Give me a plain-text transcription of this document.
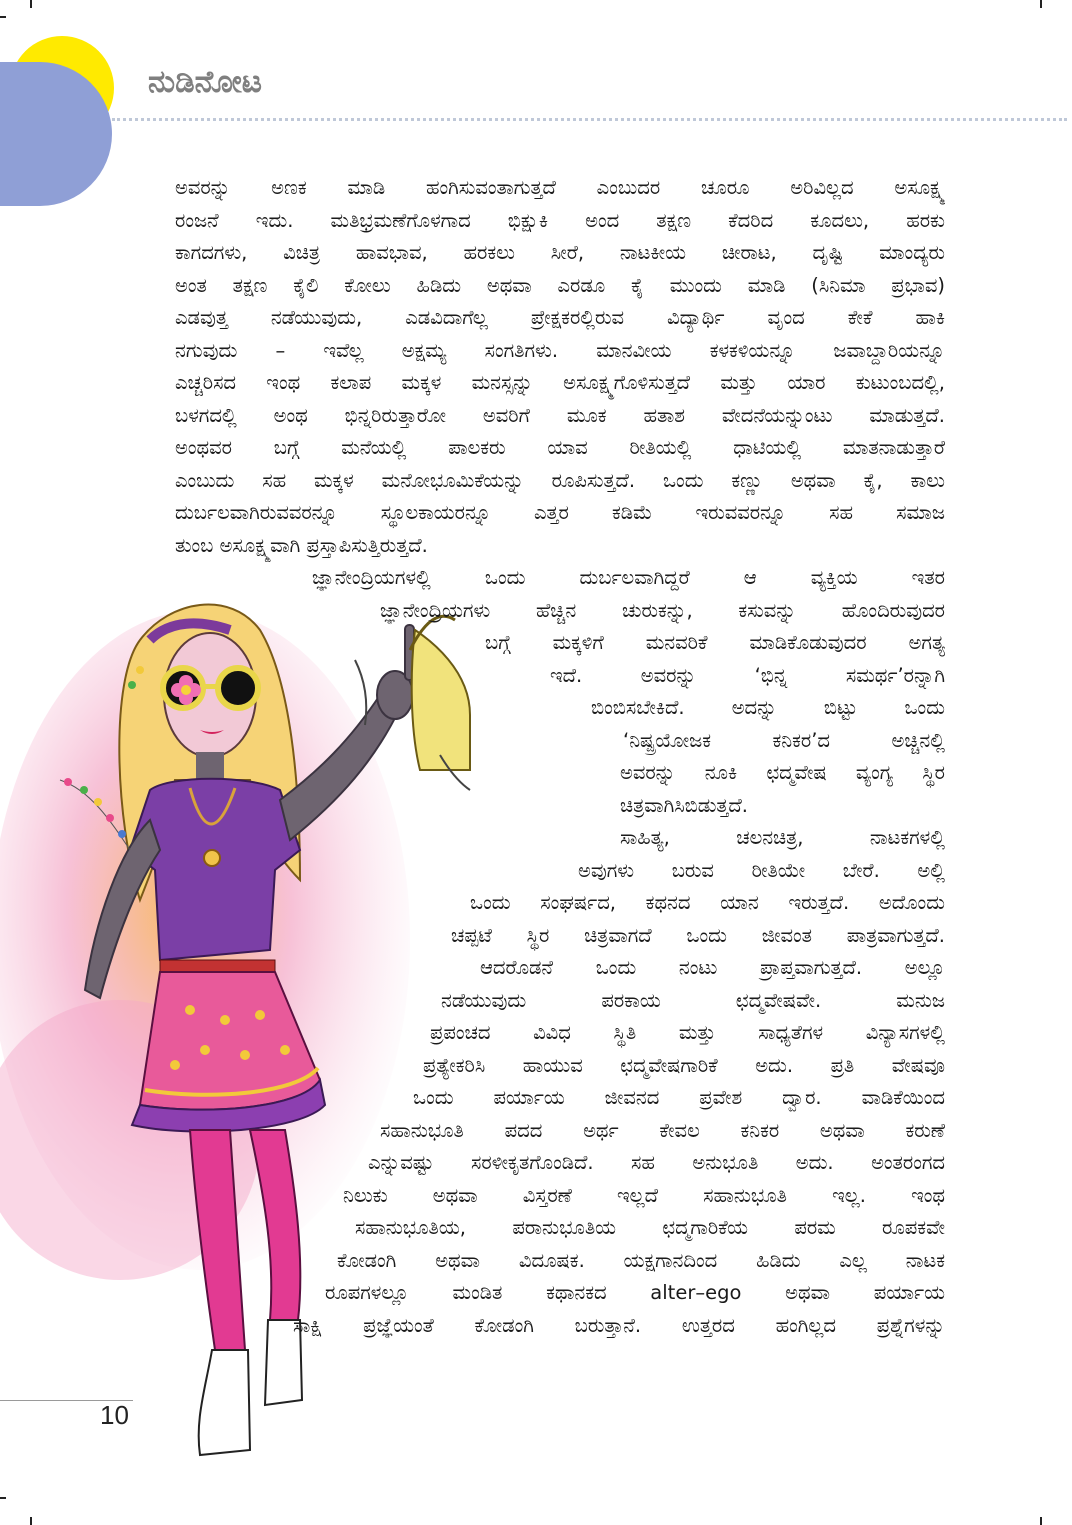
ನುಡಿನೋಟ
ಅವರನ್ನು ಅಣಕ ಮಾಡಿ ಹಂಗಿಸುವಂತಾಗುತ್ತದೆ ಎಂಬುದರ ಚೂರೂ ಅರಿವಿಲ್ಲದ ಅಸೂಕ್ಷ್ಮ
ರಂಜನೆ ಇದು. ಮತಿಭ್ರಮಣೆಗೊಳಗಾದ ಭಿಕ್ಷುಕಿ ಅಂದ ತಕ್ಷಣ ಕೆದರಿದ ಕೂದಲು, ಹರಕು
ಕಾಗದಗಳು, ವಿಚಿತ್ರ ಹಾವಭಾವ, ಹರಕಲು ಸೀರೆ, ನಾಟಕೀಯ ಚೀರಾಟ, ದೃಷ್ಟಿ ಮಾಂದ್ಯರು
ಅಂತ ತಕ್ಷಣ ಕೈಲಿ ಕೋಲು ಹಿಡಿದು ಅಥವಾ ಎರಡೂ ಕೈ ಮುಂದು ಮಾಡಿ (ಸಿನಿಮಾ ಪ್ರಭಾವ)
ಎಡವುತ್ತ ನಡೆಯುವುದು, ಎಡವಿದಾಗೆಲ್ಲ ಪ್ರೇಕ್ಷಕರಲ್ಲಿರುವ ವಿದ್ಯಾರ್ಥಿ ವೃಂದ ಕೇಕೆ ಹಾಕಿ
ನಗುವುದು – ಇವೆಲ್ಲ ಅಕ್ಷಮ್ಯ ಸಂಗತಿಗಳು. ಮಾನವೀಯ ಕಳಕಳಿಯನ್ನೂ ಜವಾಬ್ದಾರಿಯನ್ನೂ
ಎಚ್ಚರಿಸದ ಇಂಥ ಕಲಾಪ ಮಕ್ಕಳ ಮನಸ್ಸನ್ನು ಅಸೂಕ್ಷ್ಮಗೊಳಿಸುತ್ತದೆ ಮತ್ತು ಯಾರ ಕುಟುಂಬದಲ್ಲಿ,
ಬಳಗದಲ್ಲಿ ಅಂಥ ಭಿನ್ನರಿರುತ್ತಾರೋ ಅವರಿಗೆ ಮೂಕ ಹತಾಶ ವೇದನೆಯನ್ನುಂಟು ಮಾಡುತ್ತದೆ.
ಅಂಥವರ ಬಗ್ಗೆ ಮನೆಯಲ್ಲಿ ಪಾಲಕರು ಯಾವ ರೀತಿಯಲ್ಲಿ ಧಾಟಿಯಲ್ಲಿ ಮಾತನಾಡುತ್ತಾರೆ
ಎಂಬುದು ಸಹ ಮಕ್ಕಳ ಮನೋಭೂಮಿಕೆಯನ್ನು ರೂಪಿಸುತ್ತದೆ. ಒಂದು ಕಣ್ಣು ಅಥವಾ ಕೈ, ಕಾಲು
ದುರ್ಬಲವಾಗಿರುವವರನ್ನೂ ಸ್ಥೂಲಕಾಯರನ್ನೂ ಎತ್ತರ ಕಡಿಮೆ ಇರುವವರನ್ನೂ ಸಹ ಸಮಾಜ
ತುಂಬ ಅಸೂಕ್ಷ್ಮವಾಗಿ ಪ್ರಸ್ತಾಪಿಸುತ್ತಿರುತ್ತದೆ.
ಜ್ಞಾನೇಂದ್ರಿಯಗಳಲ್ಲಿ ಒಂದು ದುರ್ಬಲವಾಗಿದ್ದರೆ ಆ ವ್ಯಕ್ತಿಯ ಇತರ
ಜ್ಞಾನೇಂದ್ರಿಯಗಳು ಹೆಚ್ಚಿನ ಚುರುಕನ್ನು, ಕಸುವನ್ನು ಹೊಂದಿರುವುದರ
ಬಗ್ಗೆ ಮಕ್ಕಳಿಗೆ ಮನವರಿಕೆ ಮಾಡಿಕೊಡುವುದರ ಅಗತ್ಯ
ಇದೆ. ಅವರನ್ನು ‘ಭಿನ್ನ ಸಮರ್ಥ’ರನ್ನಾಗಿ
ಬಿಂಬಿಸಬೇಕಿದೆ. ಅದನ್ನು ಬಿಟ್ಟು ಒಂದು
‘ನಿಷ್ಪ್ರಯೋಜಕ ಕನಿಕರ’ದ ಅಚ್ಚಿನಲ್ಲಿ
ಅವರನ್ನು ನೂಕಿ ಛದ್ಮವೇಷ ವ್ಯಂಗ್ಯ ಸ್ಥಿರ
ಚಿತ್ರವಾಗಿಸಿಬಿಡುತ್ತದೆ.
ಸಾಹಿತ್ಯ, ಚಲನಚಿತ್ರ, ನಾಟಕಗಳಲ್ಲಿ
ಅವುಗಳು ಬರುವ ರೀತಿಯೇ ಬೇರೆ. ಅಲ್ಲಿ
ಒಂದು ಸಂಘರ್ಷದ, ಕಥನದ ಯಾನ ಇರುತ್ತದೆ. ಅದೊಂದು
ಚಪ್ಪಟೆ ಸ್ಥಿರ ಚಿತ್ರವಾಗದೆ ಒಂದು ಜೀವಂತ ಪಾತ್ರವಾಗುತ್ತದೆ.
ಆದರೊಡನೆ ಒಂದು ನಂಟು ಪ್ರಾಪ್ತವಾಗುತ್ತದೆ. ಅಲ್ಲೂ
ನಡೆಯುವುದು ಪರಕಾಯ ಛದ್ಮವೇಷವೇ. ಮನುಜ
ಪ್ರಪಂಚದ ವಿವಿಧ ಸ್ಥಿತಿ ಮತ್ತು ಸಾಧ್ಯತೆಗಳ ವಿನ್ಯಾಸಗಳಲ್ಲಿ
ಪ್ರತ್ಯೇಕರಿಸಿ ಹಾಯುವ ಛದ್ಮವೇಷಗಾರಿಕೆ ಅದು. ಪ್ರತಿ ವೇಷವೂ
ಒಂದು ಪರ್ಯಾಯ ಜೀವನದ ಪ್ರವೇಶ ದ್ವಾರ. ವಾಡಿಕೆಯಿಂದ
ಸಹಾನುಭೂತಿ ಪದದ ಅರ್ಥ ಕೇವಲ ಕನಿಕರ ಅಥವಾ ಕರುಣೆ
ಎನ್ನುವಷ್ಟು ಸರಳೀಕೃತಗೊಂಡಿದೆ. ಸಹ ಅನುಭೂತಿ ಅದು. ಅಂತರಂಗದ
ನಿಲುಕು ಅಥವಾ ವಿಸ್ತರಣೆ ಇಲ್ಲದೆ ಸಹಾನುಭೂತಿ ಇಲ್ಲ. ಇಂಥ
ಸಹಾನುಭೂತಿಯ, ಪರಾನುಭೂತಿಯ ಛದ್ಮಗಾರಿಕೆಯ ಪರಮ ರೂಪಕವೇ
ಕೋಡಂಗಿ ಅಥವಾ ವಿದೂಷಕ. ಯಕ್ಷಗಾನದಿಂದ ಹಿಡಿದು ಎಲ್ಲ ನಾಟಕ
ರೂಪಗಳಲ್ಲೂ ಮಂಡಿತ ಕಥಾನಕದ alter–ego ಅಥವಾ ಪರ್ಯಾಯ
ಸಾಕ್ಷಿ ಪ್ರಜ್ಞೆಯಂತೆ ಕೋಡಂಗಿ ಬರುತ್ತಾನೆ. ಉತ್ತರದ ಹಂಗಿಲ್ಲದ ಪ್ರಶ್ನೆಗಳನ್ನು
10
